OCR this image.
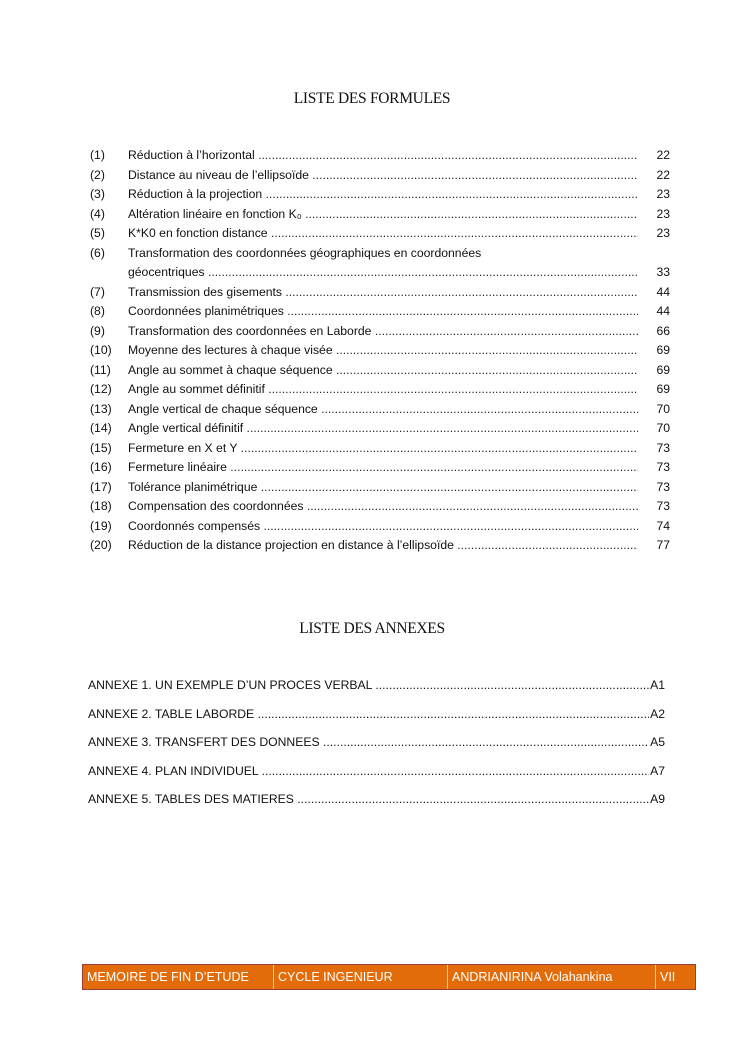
LISTE DES FORMULES
(1) Réduction à l’horizontal .....	22
(2) Distance au niveau de l’ellipsoïde .....	22
(3) Réduction à la projection .....	23
(4) Altération linéaire en fonction K₀ .....	23
(5) K*K0 en fonction distance .....	23
(6) Transformation des coordonnées géographiques en coordonnées
géocentriques .....	33
(7) Transmission des gisements .....	44
(8) Coordonnées planimétriques .....	44
(9) Transformation des coordonnées en Laborde .....	66
(10) Moyenne des lectures à chaque visée .....	69
(11) Angle au sommet à chaque séquence .....	69
(12) Angle au sommet définitif .....	69
(13) Angle vertical de chaque séquence .....	70
(14) Angle vertical définitif .....	70
(15) Fermeture en X et Y .....	73
(16) Fermeture linéaire .....	73
(17) Tolérance planimétrique .....	73
(18) Compensation des coordonnées .....	73
(19) Coordonnés compensés .....	74
(20) Réduction de la distance projection en distance à l’ellipsoïde .....	77
LISTE DES ANNEXES
ANNEXE 1. UN EXEMPLE D’UN PROCES VERBAL .....	A1
ANNEXE 2. TABLE LABORDE .....	A2
ANNEXE 3. TRANSFERT DES DONNEES .....	A5
ANNEXE 4. PLAN INDIVIDUEL .....	A7
ANNEXE 5. TABLES DES MATIERES .....	A9
MEMOIRE DE FIN D’ETUDE	CYCLE INGENIEUR	ANDRIANIRINA Volahankina	VII
